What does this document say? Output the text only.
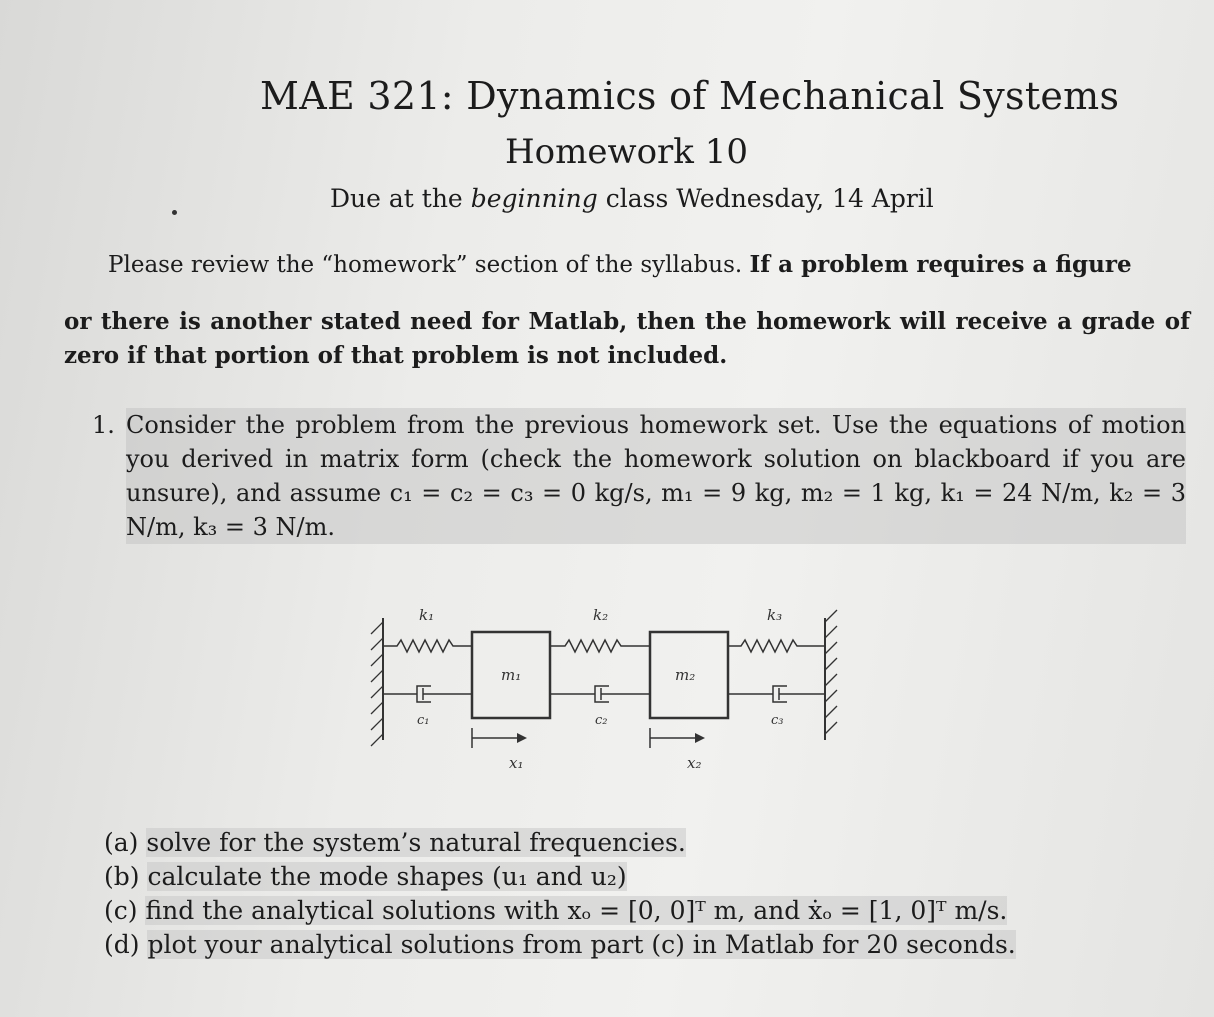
MAE 321: Dynamics of Mechanical Systems
Homework 10
Due at the beginning class Wednesday, 14 April
Please review the “homework” section of the syllabus. If a problem requires a figure
or there is another stated need for Matlab, then the homework will receive a grade of zero if that portion of that problem is not included.
1. Consider the problem from the previous homework set. Use the equations of motion you derived in matrix form (check the homework solution on blackboard if you are unsure), and assume c₁ = c₂ = c₃ = 0 kg/s, m₁ = 9 kg, m₂ = 1 kg, k₁ = 24 N/m, k₂ = 3 N/m, k₃ = 3 N/m.
k₁	k₂	k₃
m₁	m₂
c₁	c₂	c₃
x₁	x₂
(a) solve for the system’s natural frequencies.
(b) calculate the mode shapes (u₁ and u₂)
(c) find the analytical solutions with xₒ = [0, 0]ᵀ m, and ẋₒ = [1, 0]ᵀ m/s.
(d) plot your analytical solutions from part (c) in Matlab for 20 seconds.
